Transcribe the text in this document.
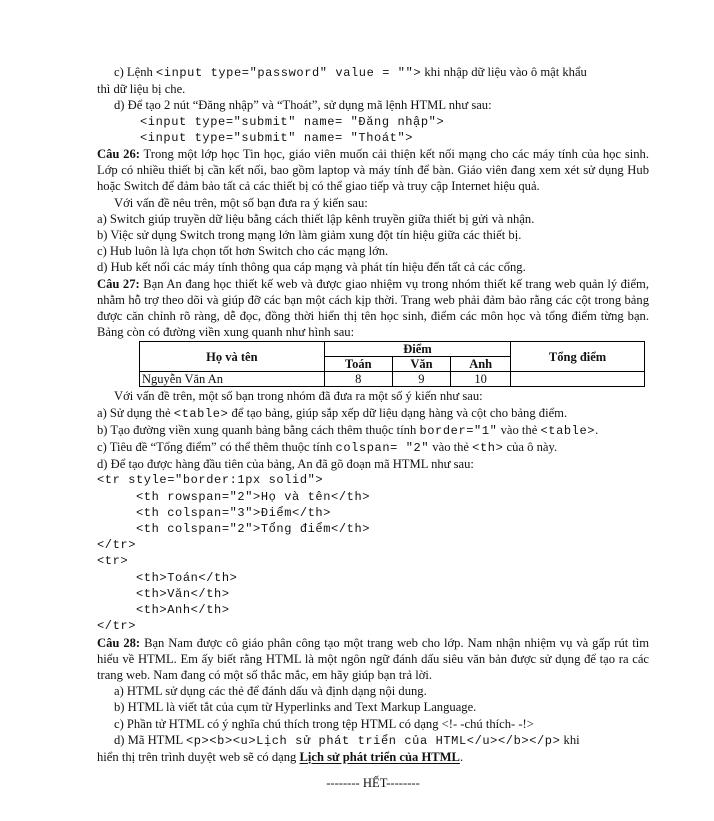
c) Lệnh <input type="password" value = ""> khi nhập dữ liệu vào ô mật khẩu
thì dữ liệu bị che.
d) Để tạo 2 nút “Đăng nhập” và “Thoát”, sử dụng mã lệnh HTML như sau:
<input type="submit" name= "Đăng nhập">
<input type="submit" name= "Thoát">
Câu 26: Trong một lớp học Tin học, giáo viên muốn cải thiện kết nối mạng cho các máy tính của học sinh. Lớp có nhiều thiết bị cần kết nối, bao gồm laptop và máy tính để bàn. Giáo viên đang xem xét sử dụng Hub hoặc Switch để đảm bảo tất cả các thiết bị có thể giao tiếp và truy cập Internet hiệu quả.
Với vấn đề nêu trên, một số bạn đưa ra ý kiến sau:
a) Switch giúp truyền dữ liệu bằng cách thiết lập kênh truyền giữa thiết bị gửi và nhận.
b) Việc sử dụng Switch trong mạng lớn làm giảm xung đột tín hiệu giữa các thiết bị.
c) Hub luôn là lựa chọn tốt hơn Switch cho các mạng lớn.
d) Hub kết nối các máy tính thông qua cáp mạng và phát tín hiệu đến tất cả các cổng.
Câu 27: Bạn An đang học thiết kế web và được giao nhiệm vụ trong nhóm thiết kế trang web quản lý điểm, nhằm hỗ trợ theo dõi và giúp đỡ các bạn một cách kịp thời. Trang web phải đảm bảo rằng các cột trong bảng được căn chỉnh rõ ràng, dễ đọc, đồng thời hiển thị tên học sinh, điểm các môn học và tổng điểm từng bạn. Bảng còn có đường viền xung quanh như hình sau:
Họ và tên	Điểm			Tổng điểm
	Toán	Văn	Anh	
Nguyễn Văn An	8	9	10	
Với vấn đề trên, một số bạn trong nhóm đã đưa ra một số ý kiến như sau:
a) Sử dụng thẻ <table> để tạo bảng, giúp sắp xếp dữ liệu dạng hàng và cột cho bảng điểm.
b) Tạo đường viền xung quanh bảng bằng cách thêm thuộc tính border="1" vào thẻ <table>.
c) Tiêu đề “Tổng điểm” có thể thêm thuộc tính colspan= "2" vào thẻ <th> của ô này.
d) Để tạo được hàng đầu tiên của bảng, An đã gõ đoạn mã HTML như sau:
<tr style="border:1px solid">
<th rowspan="2">Họ và tên</th>
<th colspan="3">Điểm</th>
<th colspan="2">Tổng điểm</th>
</tr>
<tr>
<th>Toán</th>
<th>Văn</th>
<th>Anh</th>
</tr>
Câu 28: Bạn Nam được cô giáo phân công tạo một trang web cho lớp. Nam nhận nhiệm vụ và gấp rút tìm hiểu về HTML. Em ấy biết rằng HTML là một ngôn ngữ đánh dấu siêu văn bản được sử dụng để tạo ra các trang web. Nam đang có một số thắc mắc, em hãy giúp bạn trả lời.
a) HTML sử dụng các thẻ để đánh dấu và định dạng nội dung.
b) HTML là viết tắt của cụm từ Hyperlinks and Text Markup Language.
c) Phần tử HTML có ý nghĩa chú thích trong tệp HTML có dạng <!- -chú thích- -!>
d) Mã HTML <p><b><u>Lịch sử phát triển của HTML</u></b></p> khi
hiển thị trên trình duyệt web sẽ có dạng Lịch sử phát triển của HTML.
-------- HẾT--------
